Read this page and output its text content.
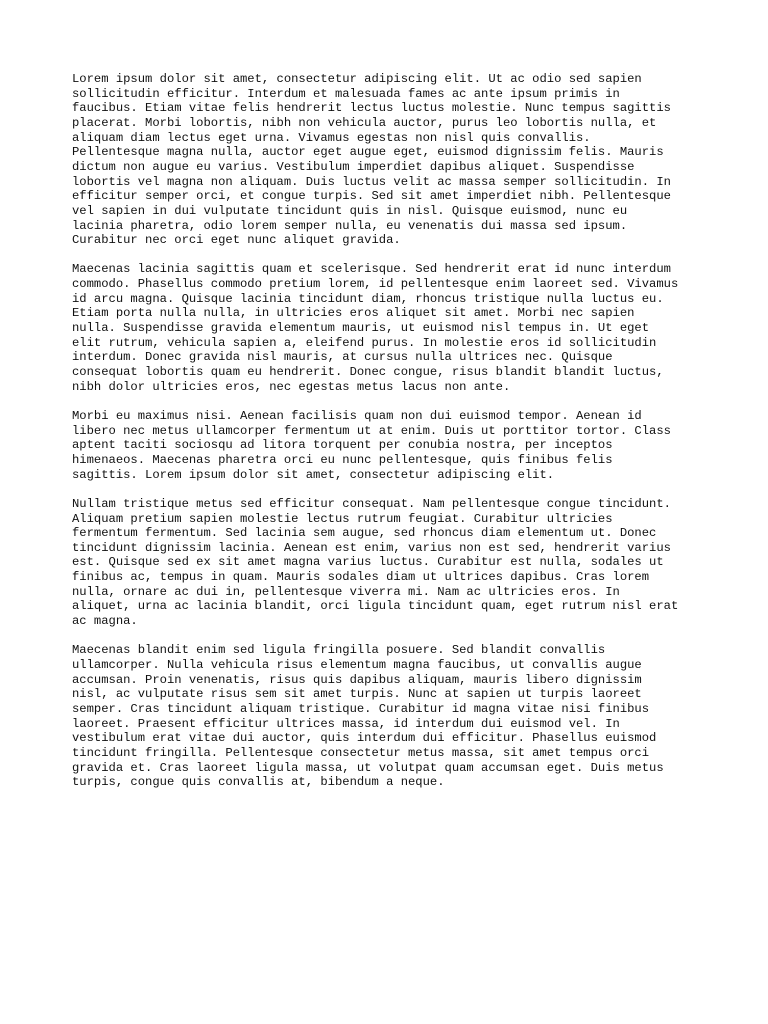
Lorem ipsum dolor sit amet, consectetur adipiscing elit. Ut ac odio sed sapien
sollicitudin efficitur. Interdum et malesuada fames ac ante ipsum primis in
faucibus. Etiam vitae felis hendrerit lectus luctus molestie. Nunc tempus sagittis
placerat. Morbi lobortis, nibh non vehicula auctor, purus leo lobortis nulla, et
aliquam diam lectus eget urna. Vivamus egestas non nisl quis convallis.
Pellentesque magna nulla, auctor eget augue eget, euismod dignissim felis. Mauris
dictum non augue eu varius. Vestibulum imperdiet dapibus aliquet. Suspendisse
lobortis vel magna non aliquam. Duis luctus velit ac massa semper sollicitudin. In
efficitur semper orci, et congue turpis. Sed sit amet imperdiet nibh. Pellentesque
vel sapien in dui vulputate tincidunt quis in nisl. Quisque euismod, nunc eu
lacinia pharetra, odio lorem semper nulla, eu venenatis dui massa sed ipsum.
Curabitur nec orci eget nunc aliquet gravida.

Maecenas lacinia sagittis quam et scelerisque. Sed hendrerit erat id nunc interdum
commodo. Phasellus commodo pretium lorem, id pellentesque enim laoreet sed. Vivamus
id arcu magna. Quisque lacinia tincidunt diam, rhoncus tristique nulla luctus eu.
Etiam porta nulla nulla, in ultricies eros aliquet sit amet. Morbi nec sapien
nulla. Suspendisse gravida elementum mauris, ut euismod nisl tempus in. Ut eget
elit rutrum, vehicula sapien a, eleifend purus. In molestie eros id sollicitudin
interdum. Donec gravida nisl mauris, at cursus nulla ultrices nec. Quisque
consequat lobortis quam eu hendrerit. Donec congue, risus blandit blandit luctus,
nibh dolor ultricies eros, nec egestas metus lacus non ante.

Morbi eu maximus nisi. Aenean facilisis quam non dui euismod tempor. Aenean id
libero nec metus ullamcorper fermentum ut at enim. Duis ut porttitor tortor. Class
aptent taciti sociosqu ad litora torquent per conubia nostra, per inceptos
himenaeos. Maecenas pharetra orci eu nunc pellentesque, quis finibus felis
sagittis. Lorem ipsum dolor sit amet, consectetur adipiscing elit.

Nullam tristique metus sed efficitur consequat. Nam pellentesque congue tincidunt.
Aliquam pretium sapien molestie lectus rutrum feugiat. Curabitur ultricies
fermentum fermentum. Sed lacinia sem augue, sed rhoncus diam elementum ut. Donec
tincidunt dignissim lacinia. Aenean est enim, varius non est sed, hendrerit varius
est. Quisque sed ex sit amet magna varius luctus. Curabitur est nulla, sodales ut
finibus ac, tempus in quam. Mauris sodales diam ut ultrices dapibus. Cras lorem
nulla, ornare ac dui in, pellentesque viverra mi. Nam ac ultricies eros. In
aliquet, urna ac lacinia blandit, orci ligula tincidunt quam, eget rutrum nisl erat
ac magna.

Maecenas blandit enim sed ligula fringilla posuere. Sed blandit convallis
ullamcorper. Nulla vehicula risus elementum magna faucibus, ut convallis augue
accumsan. Proin venenatis, risus quis dapibus aliquam, mauris libero dignissim
nisl, ac vulputate risus sem sit amet turpis. Nunc at sapien ut turpis laoreet
semper. Cras tincidunt aliquam tristique. Curabitur id magna vitae nisi finibus
laoreet. Praesent efficitur ultrices massa, id interdum dui euismod vel. In
vestibulum erat vitae dui auctor, quis interdum dui efficitur. Phasellus euismod
tincidunt fringilla. Pellentesque consectetur metus massa, sit amet tempus orci
gravida et. Cras laoreet ligula massa, ut volutpat quam accumsan eget. Duis metus
turpis, congue quis convallis at, bibendum a neque.
